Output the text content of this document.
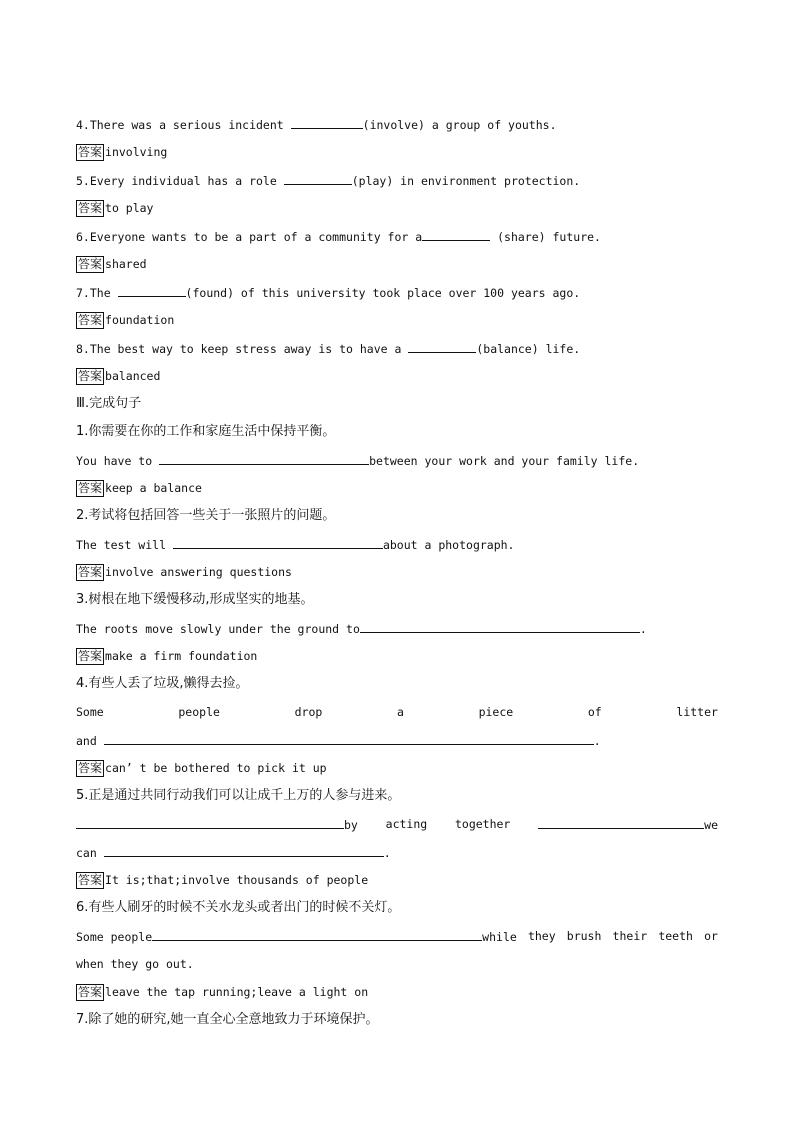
4.There was a serious incident	(involve) a group of youths.
答案 involving
5.Every individual has a role	(play) in environment protection.
答案 to play
6.Everyone wants to be a part of a community for a	(share) future.
答案 shared
7.The	(found) of this university took place over 100 years ago.
答案 foundation
8.The best way to keep stress away is to have a	(balance) life.
答案 balanced
Ⅲ.完成句子
1.你需要在你的工作和家庭生活中保持平衡。
You have to	between your work and your family life.
答案 keep a balance
2.考试将包括回答一些关于一张照片的问题。
The test will	about a photograph.
答案 involve answering questions
3.树根在地下缓慢移动,形成坚实的地基。
The roots move slowly under the ground to	.
答案 make a firm foundation
4.有些人丢了垃圾,懒得去捡。
Some	people	drop	a	piece	of	litter
and	.
答案 can’ t be bothered to pick it up
5.正是通过共同行动我们可以让成千上万的人参与进来。
by acting together	we
can	.
答案 It is;that;involve thousands of people
6.有些人刷牙的时候不关水龙头或者出门的时候不关灯。
Some people	while they brush their teeth or
when they go out.
答案 leave the tap running;leave a light on
7.除了她的研究,她一直全心全意地致力于环境保护。
